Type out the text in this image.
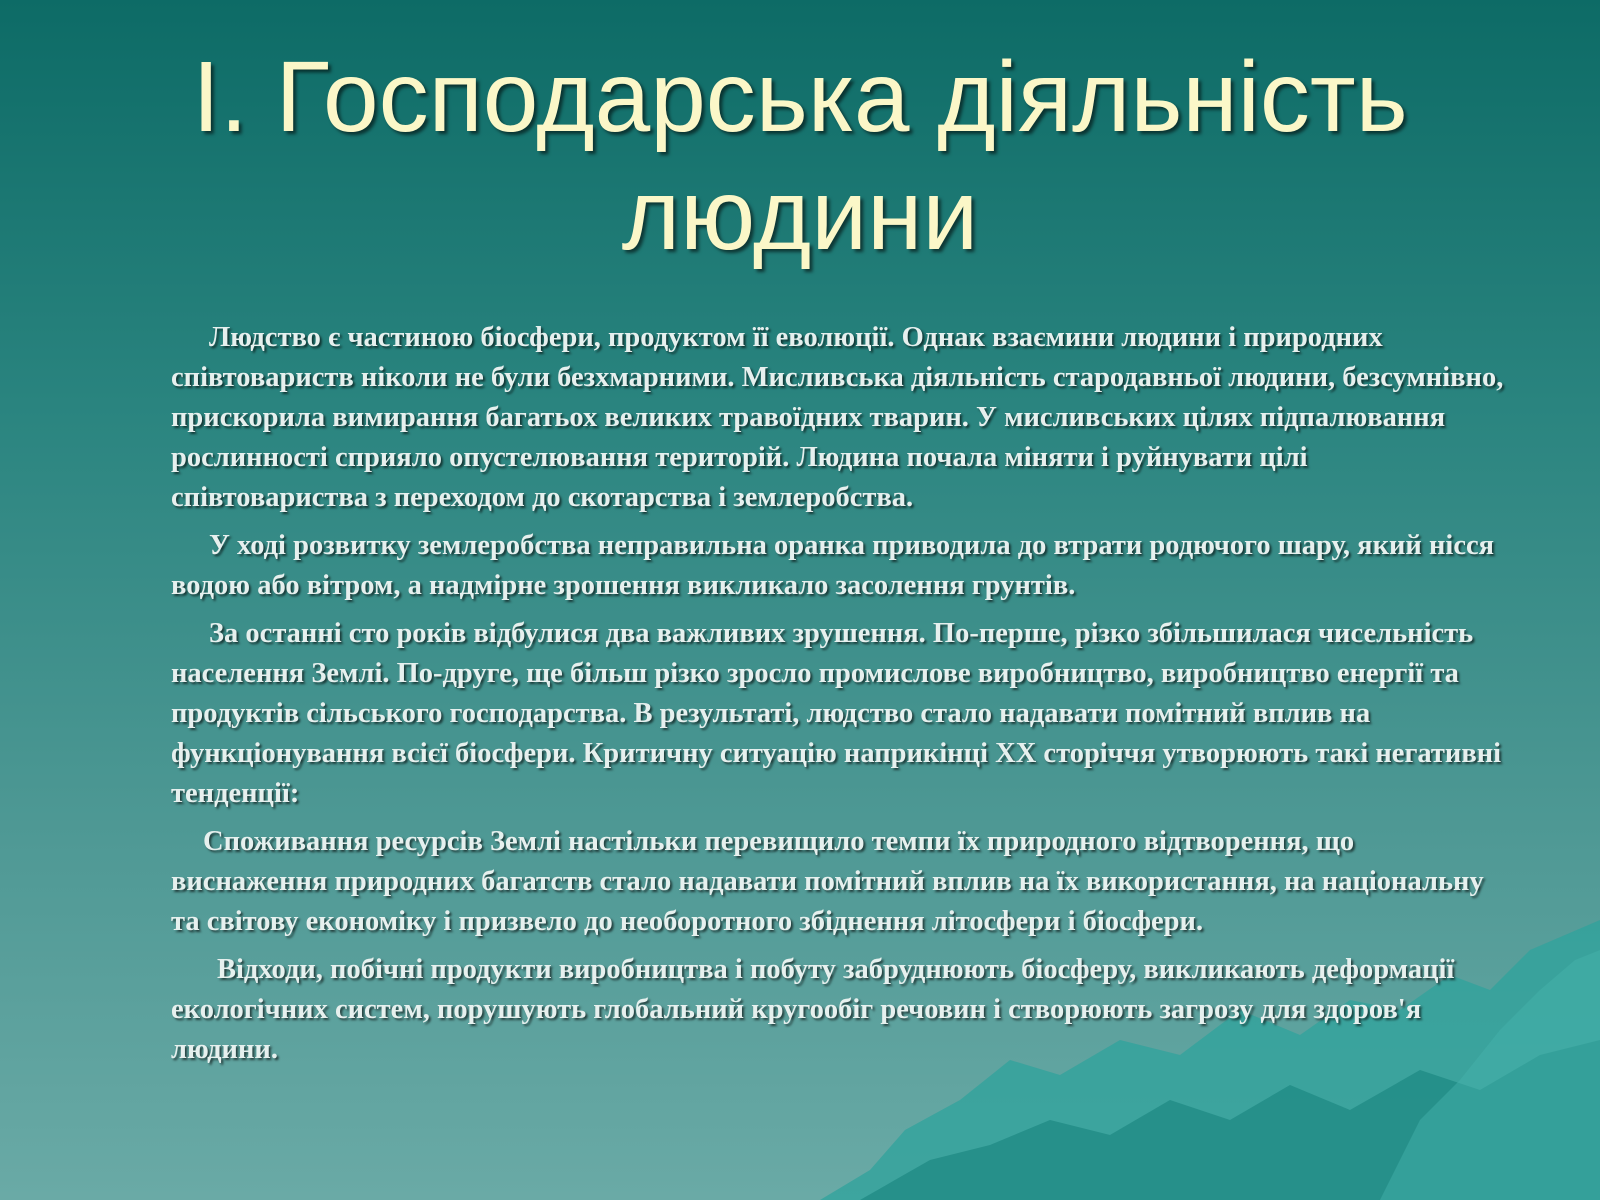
І. Господарська діяльність людини

Людство є частиною біосфери, продуктом її еволюції. Однак взаємини людини і природних співтовариств ніколи не були безхмарними. Мисливська діяльність стародавньої людини, безсумнівно, прискорила вимирання багатьох великих травоїдних тварин. У мисливських цілях підпалювання рослинності сприяло опустелювання територій. Людина почала міняти і руйнувати цілі співтовариства з переходом до скотарства і землеробства.

У ході розвитку землеробства неправильна оранка приводила до втрати родючого шару, який нісся водою або вітром, а надмірне зрошення викликало засолення грунтів.

За останні сто років відбулися два важливих зрушення. По-перше, різко збільшилася чисельність населення Землі. По-друге, ще більш різко зросло промислове виробництво, виробництво енергії та продуктів сільського господарства. В результаті, людство стало надавати помітний вплив на функціонування всієї біосфери. Критичну ситуацію наприкінці XX сторіччя утворюють такі негативні тенденції:

Споживання ресурсів Землі настільки перевищило темпи їх природного відтворення, що виснаження природних багатств стало надавати помітний вплив на їх використання, на національну та світову економіку і призвело до необоротного збіднення літосфери і біосфери.

Відходи, побічні продукти виробництва і побуту забруднюють біосферу, викликають деформації екологічних систем, порушують глобальний кругообіг речовин і створюють загрозу для здоров'я людини.
